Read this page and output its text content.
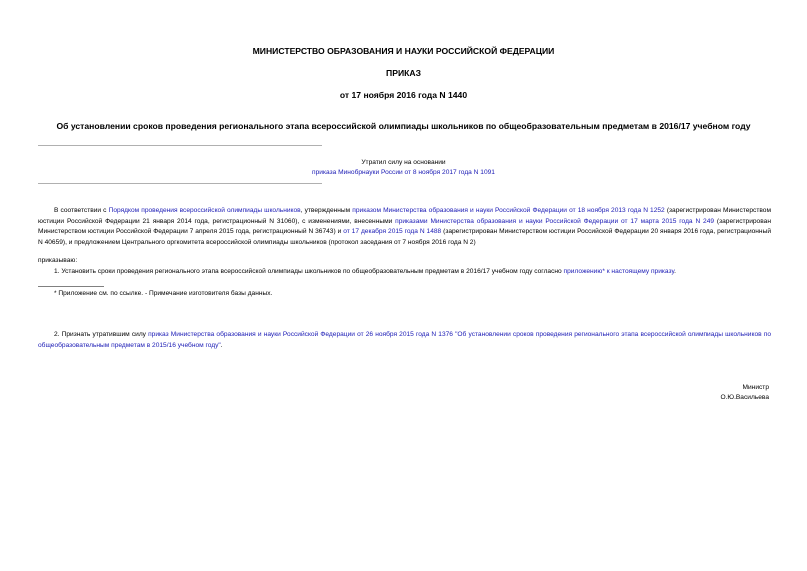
МИНИСТЕРСТВО ОБРАЗОВАНИЯ И НАУКИ РОССИЙСКОЙ ФЕДЕРАЦИИ
ПРИКАЗ
от 17 ноября 2016 года N 1440
Об установлении сроков проведения регионального этапа всероссийской олимпиады школьников по общеобразовательным предметам в 2016/17 учебном году
Утратил силу на основании
приказа Минобрнауки России от 8 ноября 2017 года N 1091
В соответствии с Порядком проведения всероссийской олимпиады школьников, утвержденным приказом Министерства образования и науки Российской Федерации от 18 ноября 2013 года N 1252 (зарегистрирован Министерством юстиции Российской Федерации 21 января 2014 года, регистрационный N 31060), с изменениями, внесенными приказами Министерства образования и науки Российской Федерации от 17 марта 2015 года N 249 (зарегистрирован Министерством юстиции Российской Федерации 7 апреля 2015 года, регистрационный N 36743) и от 17 декабря 2015 года N 1488 (зарегистрирован Министерством юстиции Российской Федерации 20 января 2016 года, регистрационный N 40659), и предложением Центрального оргкомитета всероссийской олимпиады школьников (протокол заседания от 7 ноября 2016 года N 2)
приказываю:
1. Установить сроки проведения регионального этапа всероссийской олимпиады школьников по общеобразовательным предметам в 2016/17 учебном году согласно приложению* к настоящему приказу.
* Приложение см. по ссылке. - Примечание изготовителя базы данных.
2. Признать утратившим силу приказ Министерства образования и науки Российской Федерации от 26 ноября 2015 года N 1376 "Об установлении сроков проведения регионального этапа всероссийской олимпиады школьников по общеобразовательным предметам в 2015/16 учебном году".
Министр
О.Ю.Васильева
